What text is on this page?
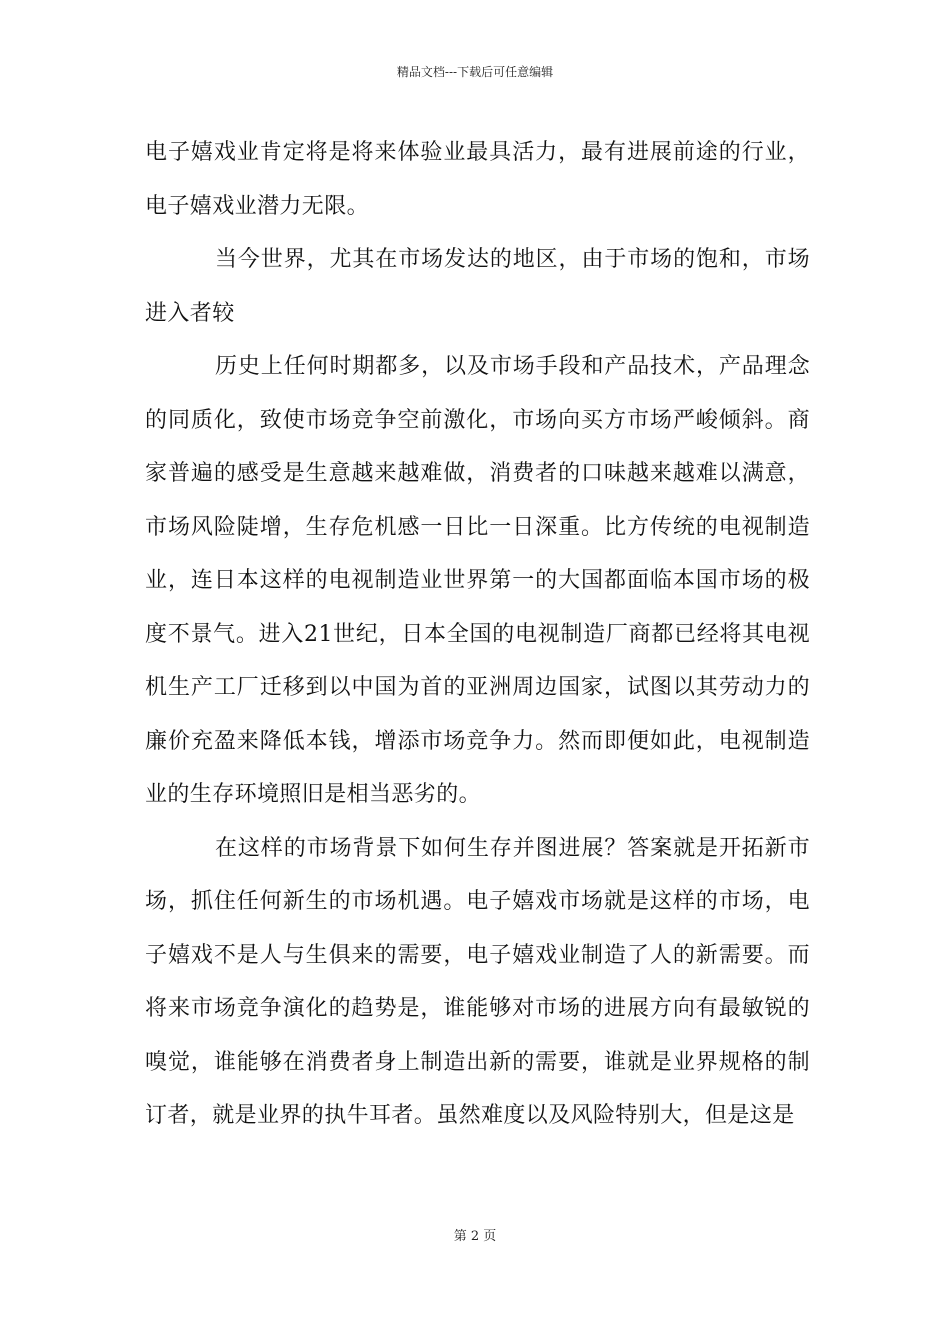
精品文档---下载后可任意编辑

电子嬉戏业肯定将是将来体验业最具活力，最有进展前途的行业，电子嬉戏业潜力无限。

当今世界，尤其在市场发达的地区，由于市场的饱和，市场进入者较

历史上任何时期都多，以及市场手段和产品技术，产品理念的同质化，致使市场竞争空前激化，市场向买方市场严峻倾斜。商家普遍的感受是生意越来越难做，消费者的口味越来越难以满意，市场风险陡增，生存危机感一日比一日深重。比方传统的电视制造业，连日本这样的电视制造业世界第一的大国都面临本国市场的极度不景气。进入21世纪，日本全国的电视制造厂商都已经将其电视机生产工厂迁移到以中国为首的亚洲周边国家，试图以其劳动力的廉价充盈来降低本钱，增添市场竞争力。然而即便如此，电视制造业的生存环境照旧是相当恶劣的。

在这样的市场背景下如何生存并图进展？答案就是开拓新市场，抓住任何新生的市场机遇。电子嬉戏市场就是这样的市场，电子嬉戏不是人与生俱来的需要，电子嬉戏业制造了人的新需要。而将来市场竞争演化的趋势是，谁能够对市场的进展方向有最敏锐的嗅觉，谁能够在消费者身上制造出新的需要，谁就是业界规格的制订者，就是业界的执牛耳者。虽然难度以及风险特别大，但是这是

第 2 页
